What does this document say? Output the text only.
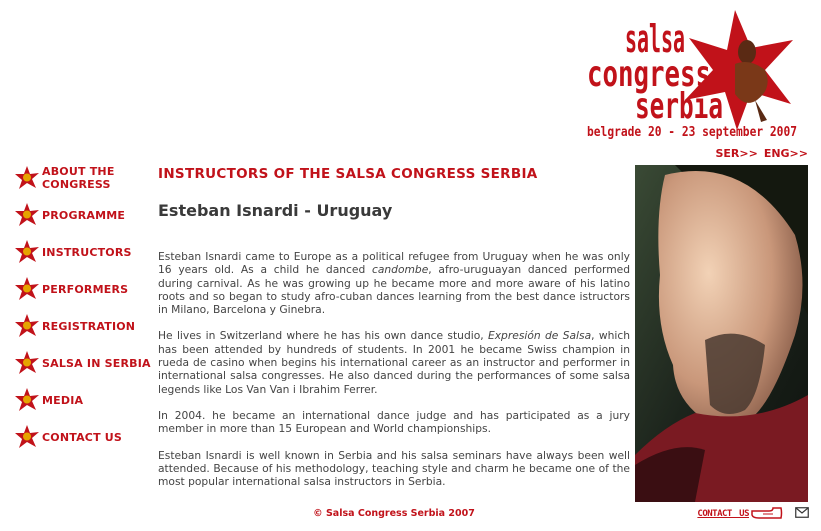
salsa
congress
serbia
belgrade 20 - 23 september 2007
SER>> ENG>>
ABOUT THE
CONGRESS
PROGRAMME
INSTRUCTORS
PERFORMERS
REGISTRATION
SALSA IN SERBIA
MEDIA
CONTACT US
INSTRUCTORS OF THE SALSA CONGRESS SERBIA
Esteban Isnardi - Uruguay

Esteban Isnardi came to Europe as a political refugee from Uruguay when he was only 16 years old. As a child he danced candombe, afro-uruguayan danced performed during carnival. As he was growing up he became more and more aware of his latino roots and so began to study afro-cuban dances learning from the best dance istructors in Milano, Barcelona y Ginebra.

He lives in Switzerland where he has his own dance studio, Expresión de Salsa, which has been attended by hundreds of students. In 2001 he became Swiss champion in rueda de casino when begins his international career as an instructor and performer in international salsa congresses. He also danced during the performances of some salsa legends like Los Van Van i Ibrahim Ferrer.

In 2004. he became an international dance judge and has participated as a jury member in more than 15 European and World championships.

Esteban Isnardi is well known in Serbia and his salsa seminars have always been well attended. Because of his methodology, teaching style and charm he became one of the most popular international salsa instructors in Serbia.

© Salsa Congress Serbia 2007	contact us
